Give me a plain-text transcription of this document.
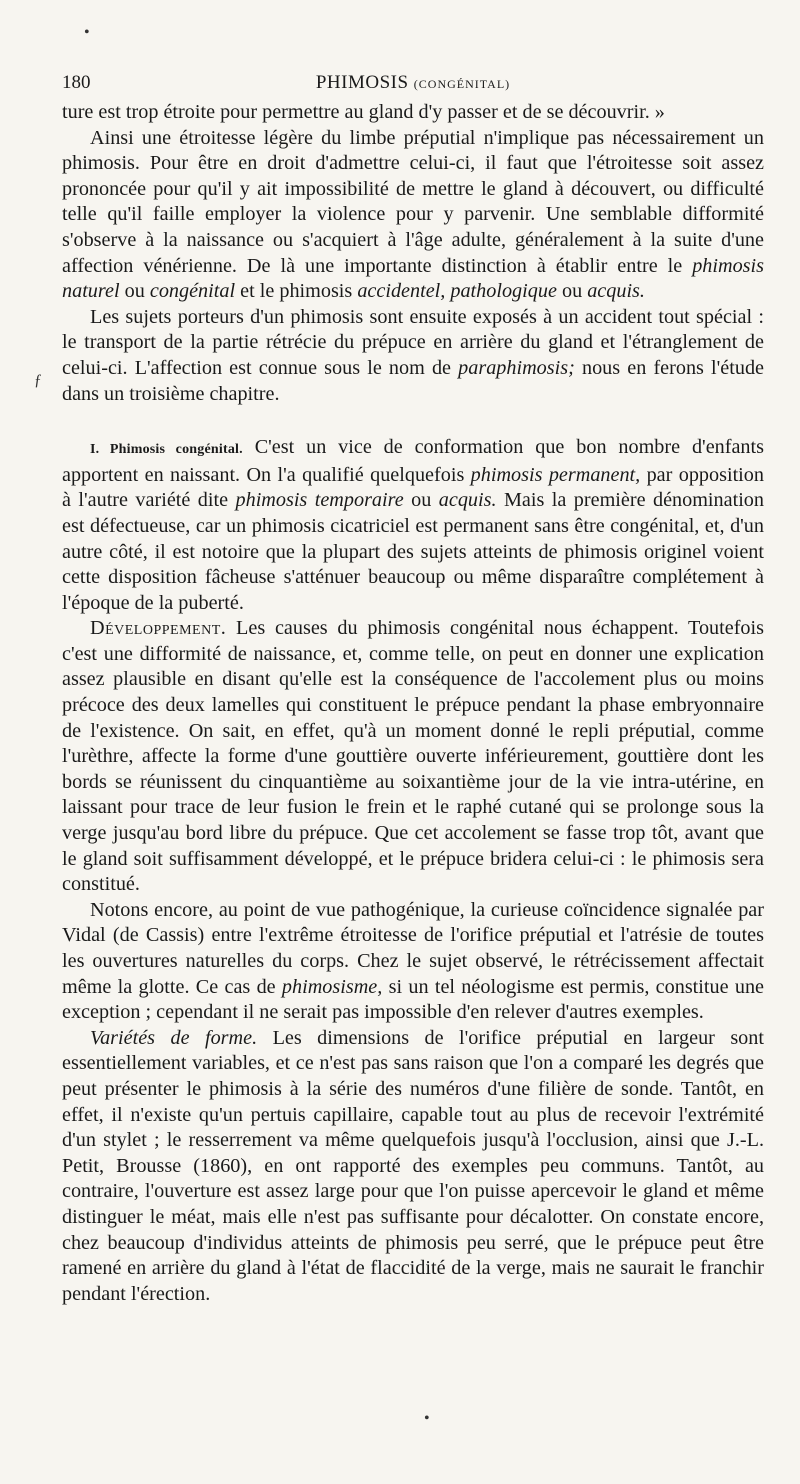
ƒ
•
•
180	PHIMOSIS (CONGÉNITAL)

ture est trop étroite pour permettre au gland d'y passer et de se découvrir. »

Ainsi une étroitesse légère du limbe préputial n'implique pas nécessairement un phimosis. Pour être en droit d'admettre celui-ci, il faut que l'étroitesse soit assez prononcée pour qu'il y ait impossibilité de mettre le gland à découvert, ou difficulté telle qu'il faille employer la violence pour y parvenir. Une semblable difformité s'observe à la naissance ou s'acquiert à l'âge adulte, généralement à la suite d'une affection vénérienne. De là une importante distinction à établir entre le phimosis naturel ou congénital et le phimosis accidentel, pathologique ou acquis.

Les sujets porteurs d'un phimosis sont ensuite exposés à un accident tout spécial : le transport de la partie rétrécie du prépuce en arrière du gland et l'étranglement de celui-ci. L'affection est connue sous le nom de paraphimosis; nous en ferons l'étude dans un troisième chapitre.

I. Phimosis congénital. C'est un vice de conformation que bon nombre d'enfants apportent en naissant. On l'a qualifié quelquefois phimosis permanent, par opposition à l'autre variété dite phimosis temporaire ou acquis. Mais la première dénomination est défectueuse, car un phimosis cicatriciel est permanent sans être congénital, et, d'un autre côté, il est notoire que la plupart des sujets atteints de phimosis originel voient cette disposition fâcheuse s'atténuer beaucoup ou même disparaître complétement à l'époque de la puberté.

Développement. Les causes du phimosis congénital nous échappent. Toutefois c'est une difformité de naissance, et, comme telle, on peut en donner une explication assez plausible en disant qu'elle est la conséquence de l'accolement plus ou moins précoce des deux lamelles qui constituent le prépuce pendant la phase embryonnaire de l'existence. On sait, en effet, qu'à un moment donné le repli préputial, comme l'urèthre, affecte la forme d'une gouttière ouverte inférieurement, gouttière dont les bords se réunissent du cinquantième au soixantième jour de la vie intra-utérine, en laissant pour trace de leur fusion le frein et le raphé cutané qui se prolonge sous la verge jusqu'au bord libre du prépuce. Que cet accolement se fasse trop tôt, avant que le gland soit suffisamment développé, et le prépuce bridera celui-ci : le phimosis sera constitué.

Notons encore, au point de vue pathogénique, la curieuse coïncidence signalée par Vidal (de Cassis) entre l'extrême étroitesse de l'orifice préputial et l'atrésie de toutes les ouvertures naturelles du corps. Chez le sujet observé, le rétrécissement affectait même la glotte. Ce cas de phimosisme, si un tel néologisme est permis, constitue une exception ; cependant il ne serait pas impossible d'en relever d'autres exemples.

Variétés de forme. Les dimensions de l'orifice préputial en largeur sont essentiellement variables, et ce n'est pas sans raison que l'on a comparé les degrés que peut présenter le phimosis à la série des numéros d'une filière de sonde. Tantôt, en effet, il n'existe qu'un pertuis capillaire, capable tout au plus de recevoir l'extrémité d'un stylet ; le resserrement va même quelquefois jusqu'à l'occlusion, ainsi que J.-L. Petit, Brousse (1860), en ont rapporté des exemples peu communs. Tantôt, au contraire, l'ouverture est assez large pour que l'on puisse apercevoir le gland et même distinguer le méat, mais elle n'est pas suffisante pour décalotter. On constate encore, chez beaucoup d'individus atteints de phimosis peu serré, que le prépuce peut être ramené en arrière du gland à l'état de flaccidité de la verge, mais ne saurait le franchir pendant l'érection.
